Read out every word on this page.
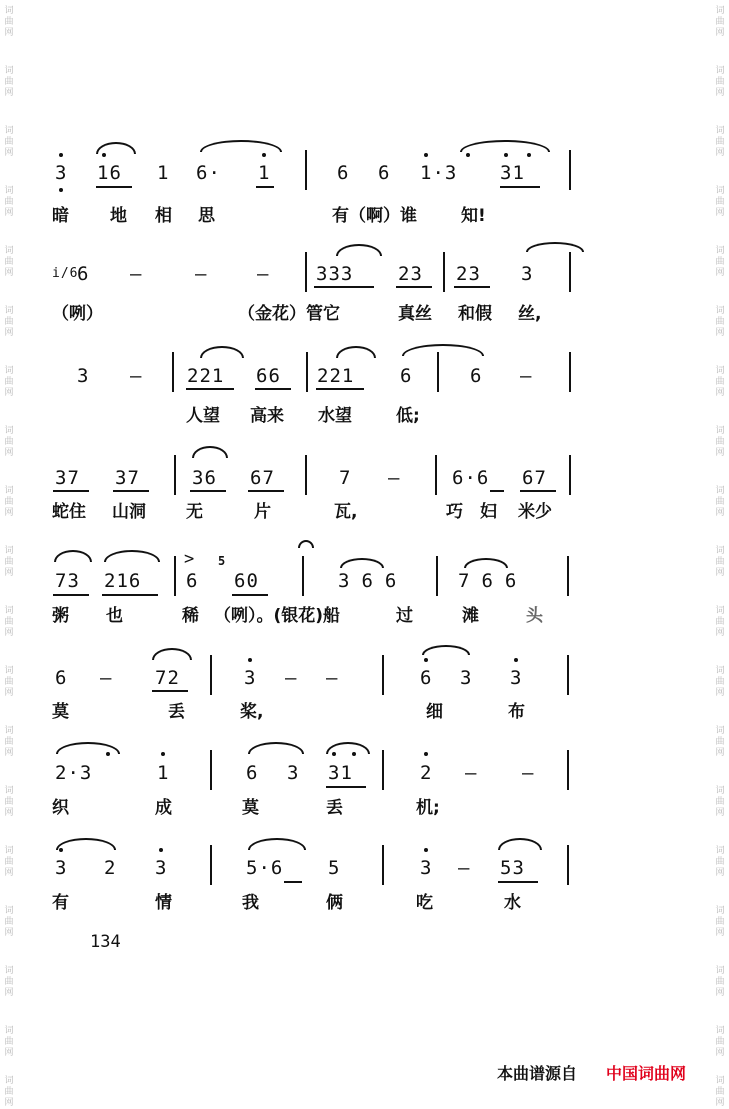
词曲网
词曲网
词曲网
词曲网
词曲网
词曲网
词曲网
词曲网
词曲网
词曲网
词曲网
词曲网
词曲网
词曲网
词曲网
词曲网
词曲网
词曲网
词曲网
词曲网
词曲网
词曲网
词曲网
词曲网
词曲网
词曲网
词曲网
词曲网
词曲网
词曲网
词曲网
词曲网
词曲网
词曲网
词曲网
词曲网
词曲网
词曲网
3 16 1 6· 1	6 6 1·3 31
暗 地 相 思	有（啊）谁	知!
i/6
6 —	—	— 333 23 23 3
（咧）	（金花）管它	真丝 和假 丝,
3 — 221 66 221 6	6 —
人望 高来 水望	低;
37 37	36 67	7 —	6·6 67
蛇住 山洞 无	片	瓦,	巧 妇 米少
73 216
> 5
6 60	366	766
粥 也	稀 （咧）。(银花)船	过	滩	头
6 — 72	3 — —	6 3 3
莫	丢	桨,	细	布
2·3	1	6 3 31	2 — —
织	成	莫	丢	机;
3 2 3	5·6 5	3 — 53
有	情	我	俩	吃	水
134
本曲谱源自 中国词曲网
